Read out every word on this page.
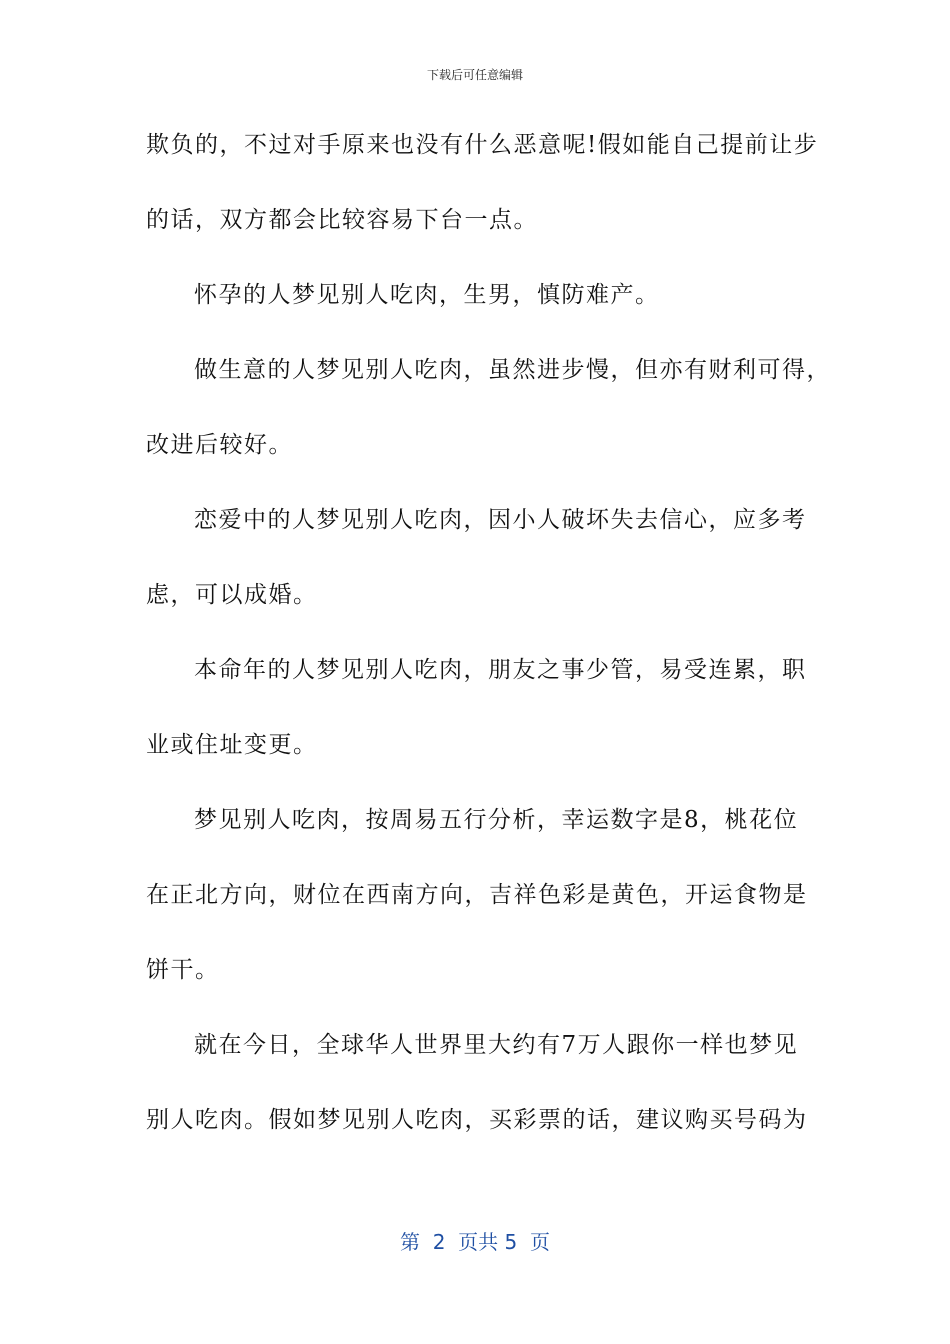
下载后可任意编辑
欺负的，不过对手原来也没有什么恶意呢!假如能自己提前让步
的话，双方都会比较容易下台一点。
怀孕的人梦见别人吃肉，生男，慎防难产。
做生意的人梦见别人吃肉，虽然进步慢，但亦有财利可得，
改进后较好。
恋爱中的人梦见别人吃肉，因小人破坏失去信心，应多考
虑，可以成婚。
本命年的人梦见别人吃肉，朋友之事少管，易受连累，职
业或住址变更。
梦见别人吃肉，按周易五行分析，幸运数字是8，桃花位
在正北方向，财位在西南方向，吉祥色彩是黄色，开运食物是
饼干。
就在今日，全球华人世界里大约有7万人跟你一样也梦见
别人吃肉。假如梦见别人吃肉，买彩票的话，建议购买号码为
第  2  页共 5  页
